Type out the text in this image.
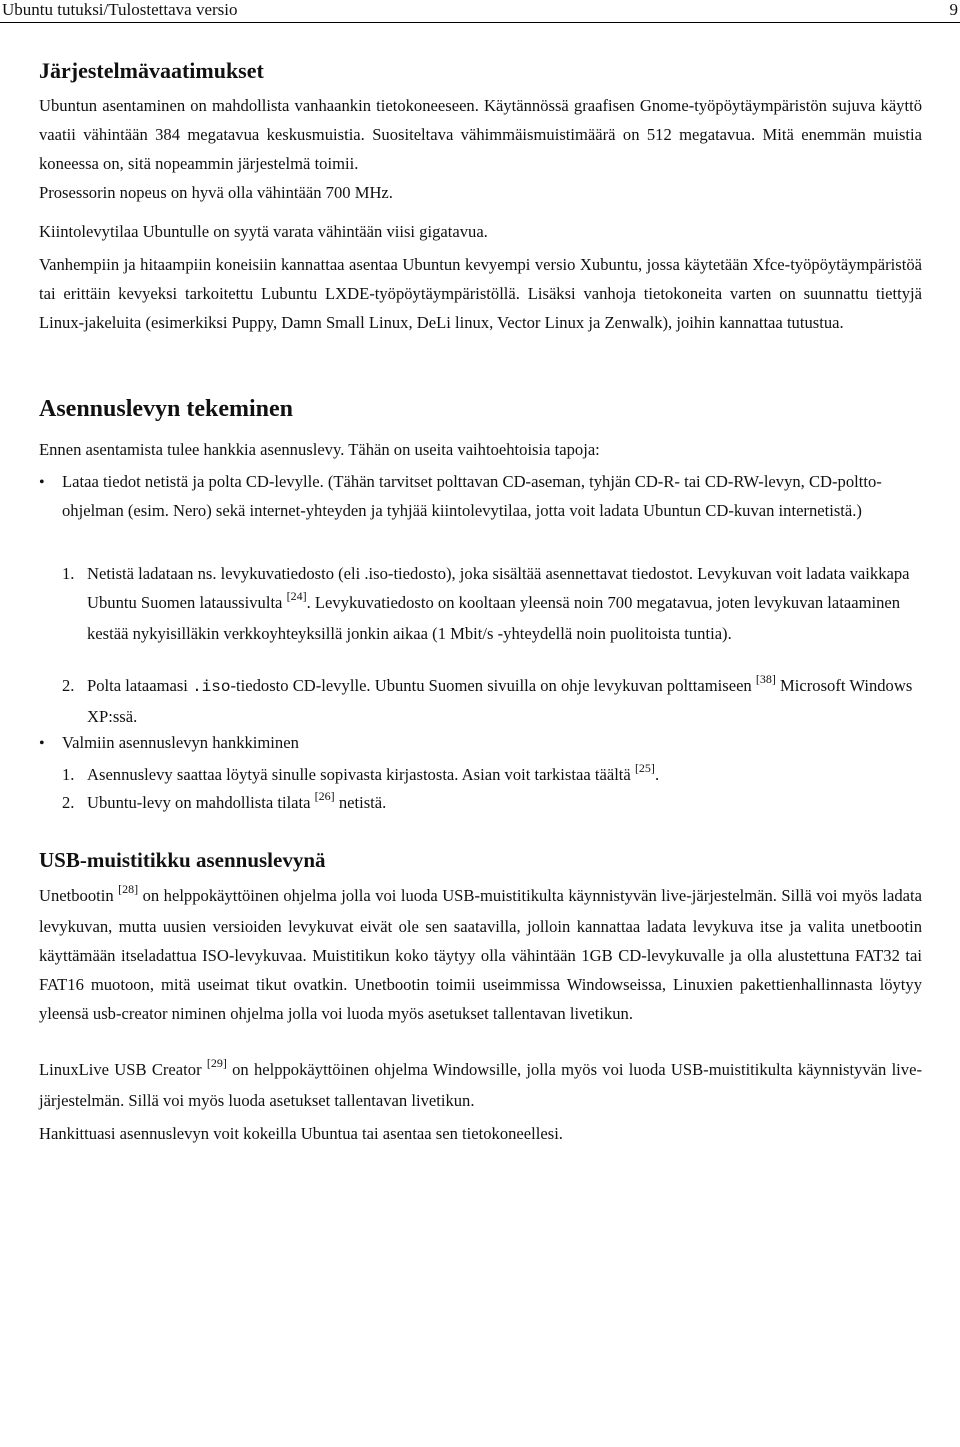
Ubuntu tutuksi/Tulostettava versio	9
Järjestelmävaatimukset

Ubuntun asentaminen on mahdollista vanhaankin tietokoneeseen. Käytännössä graafisen Gnome-työpöytäympäristön sujuva käyttö vaatii vähintään 384 megatavua keskusmuistia. Suositeltava vähimmäismuistimäärä on 512 megatavua. Mitä enemmän muistia koneessa on, sitä nopeammin järjestelmä toimii.

Prosessorin nopeus on hyvä olla vähintään 700 MHz.

Kiintolevytilaa Ubuntulle on syytä varata vähintään viisi gigatavua.

Vanhempiin ja hitaampiin koneisiin kannattaa asentaa Ubuntun kevyempi versio Xubuntu, jossa käytetään Xfce-työpöytäympäristöä tai erittäin kevyeksi tarkoitettu Lubuntu LXDE-työpöytäympäristöllä. Lisäksi vanhoja tietokoneita varten on suunnattu tiettyjä Linux-jakeluita (esimerkiksi Puppy, Damn Small Linux, DeLi linux, Vector Linux ja Zenwalk), joihin kannattaa tutustua.

Asennuslevyn tekeminen

Ennen asentamista tulee hankkia asennuslevy. Tähän on useita vaihtoehtoisia tapoja:

• Lataa tiedot netistä ja polta CD-levylle. (Tähän tarvitset polttavan CD-aseman, tyhjän CD-R- tai CD-RW-levyn, CD-poltto-ohjelman (esim. Nero) sekä internet-yhteyden ja tyhjää kiintolevytilaa, jotta voit ladata Ubuntun CD-kuvan internetistä.)
1. Netistä ladataan ns. levykuvatiedosto (eli .iso-tiedosto), joka sisältää asennettavat tiedostot. Levykuvan voit ladata vaikkapa Ubuntu Suomen lataussivulta [24]. Levykuvatiedosto on kooltaan yleensä noin 700 megatavua, joten levykuvan lataaminen kestää nykyisilläkin verkkoyhteyksillä jonkin aikaa (1 Mbit/s -yhteydellä noin puolitoista tuntia).
2. Polta lataamasi .iso-tiedosto CD-levylle. Ubuntu Suomen sivuilla on ohje levykuvan polttamiseen [38] Microsoft Windows XP:ssä.
• Valmiin asennuslevyn hankkiminen
1. Asennuslevy saattaa löytyä sinulle sopivasta kirjastosta. Asian voit tarkistaa täältä [25].
2. Ubuntu-levy on mahdollista tilata [26] netistä.
USB-muistitikku asennuslevynä

Unetbootin [28] on helppokäyttöinen ohjelma jolla voi luoda USB-muistitikulta käynnistyvän live-järjestelmän. Sillä voi myös ladata levykuvan, mutta uusien versioiden levykuvat eivät ole sen saatavilla, jolloin kannattaa ladata levykuva itse ja valita unetbootin käyttämään itseladattua ISO-levykuvaa. Muistitikun koko täytyy olla vähintään 1GB CD-levykuvalle ja olla alustettuna FAT32 tai FAT16 muotoon, mitä useimat tikut ovatkin. Unetbootin toimii useimmissa Windowseissa, Linuxien pakettienhallinnasta löytyy yleensä usb-creator niminen ohjelma jolla voi luoda myös asetukset tallentavan livetikun.

LinuxLive USB Creator [29] on helppokäyttöinen ohjelma Windowsille, jolla myös voi luoda USB-muistitikulta käynnistyvän live-järjestelmän. Sillä voi myös luoda asetukset tallentavan livetikun.

Hankittuasi asennuslevyn voit kokeilla Ubuntua tai asentaa sen tietokoneellesi.
